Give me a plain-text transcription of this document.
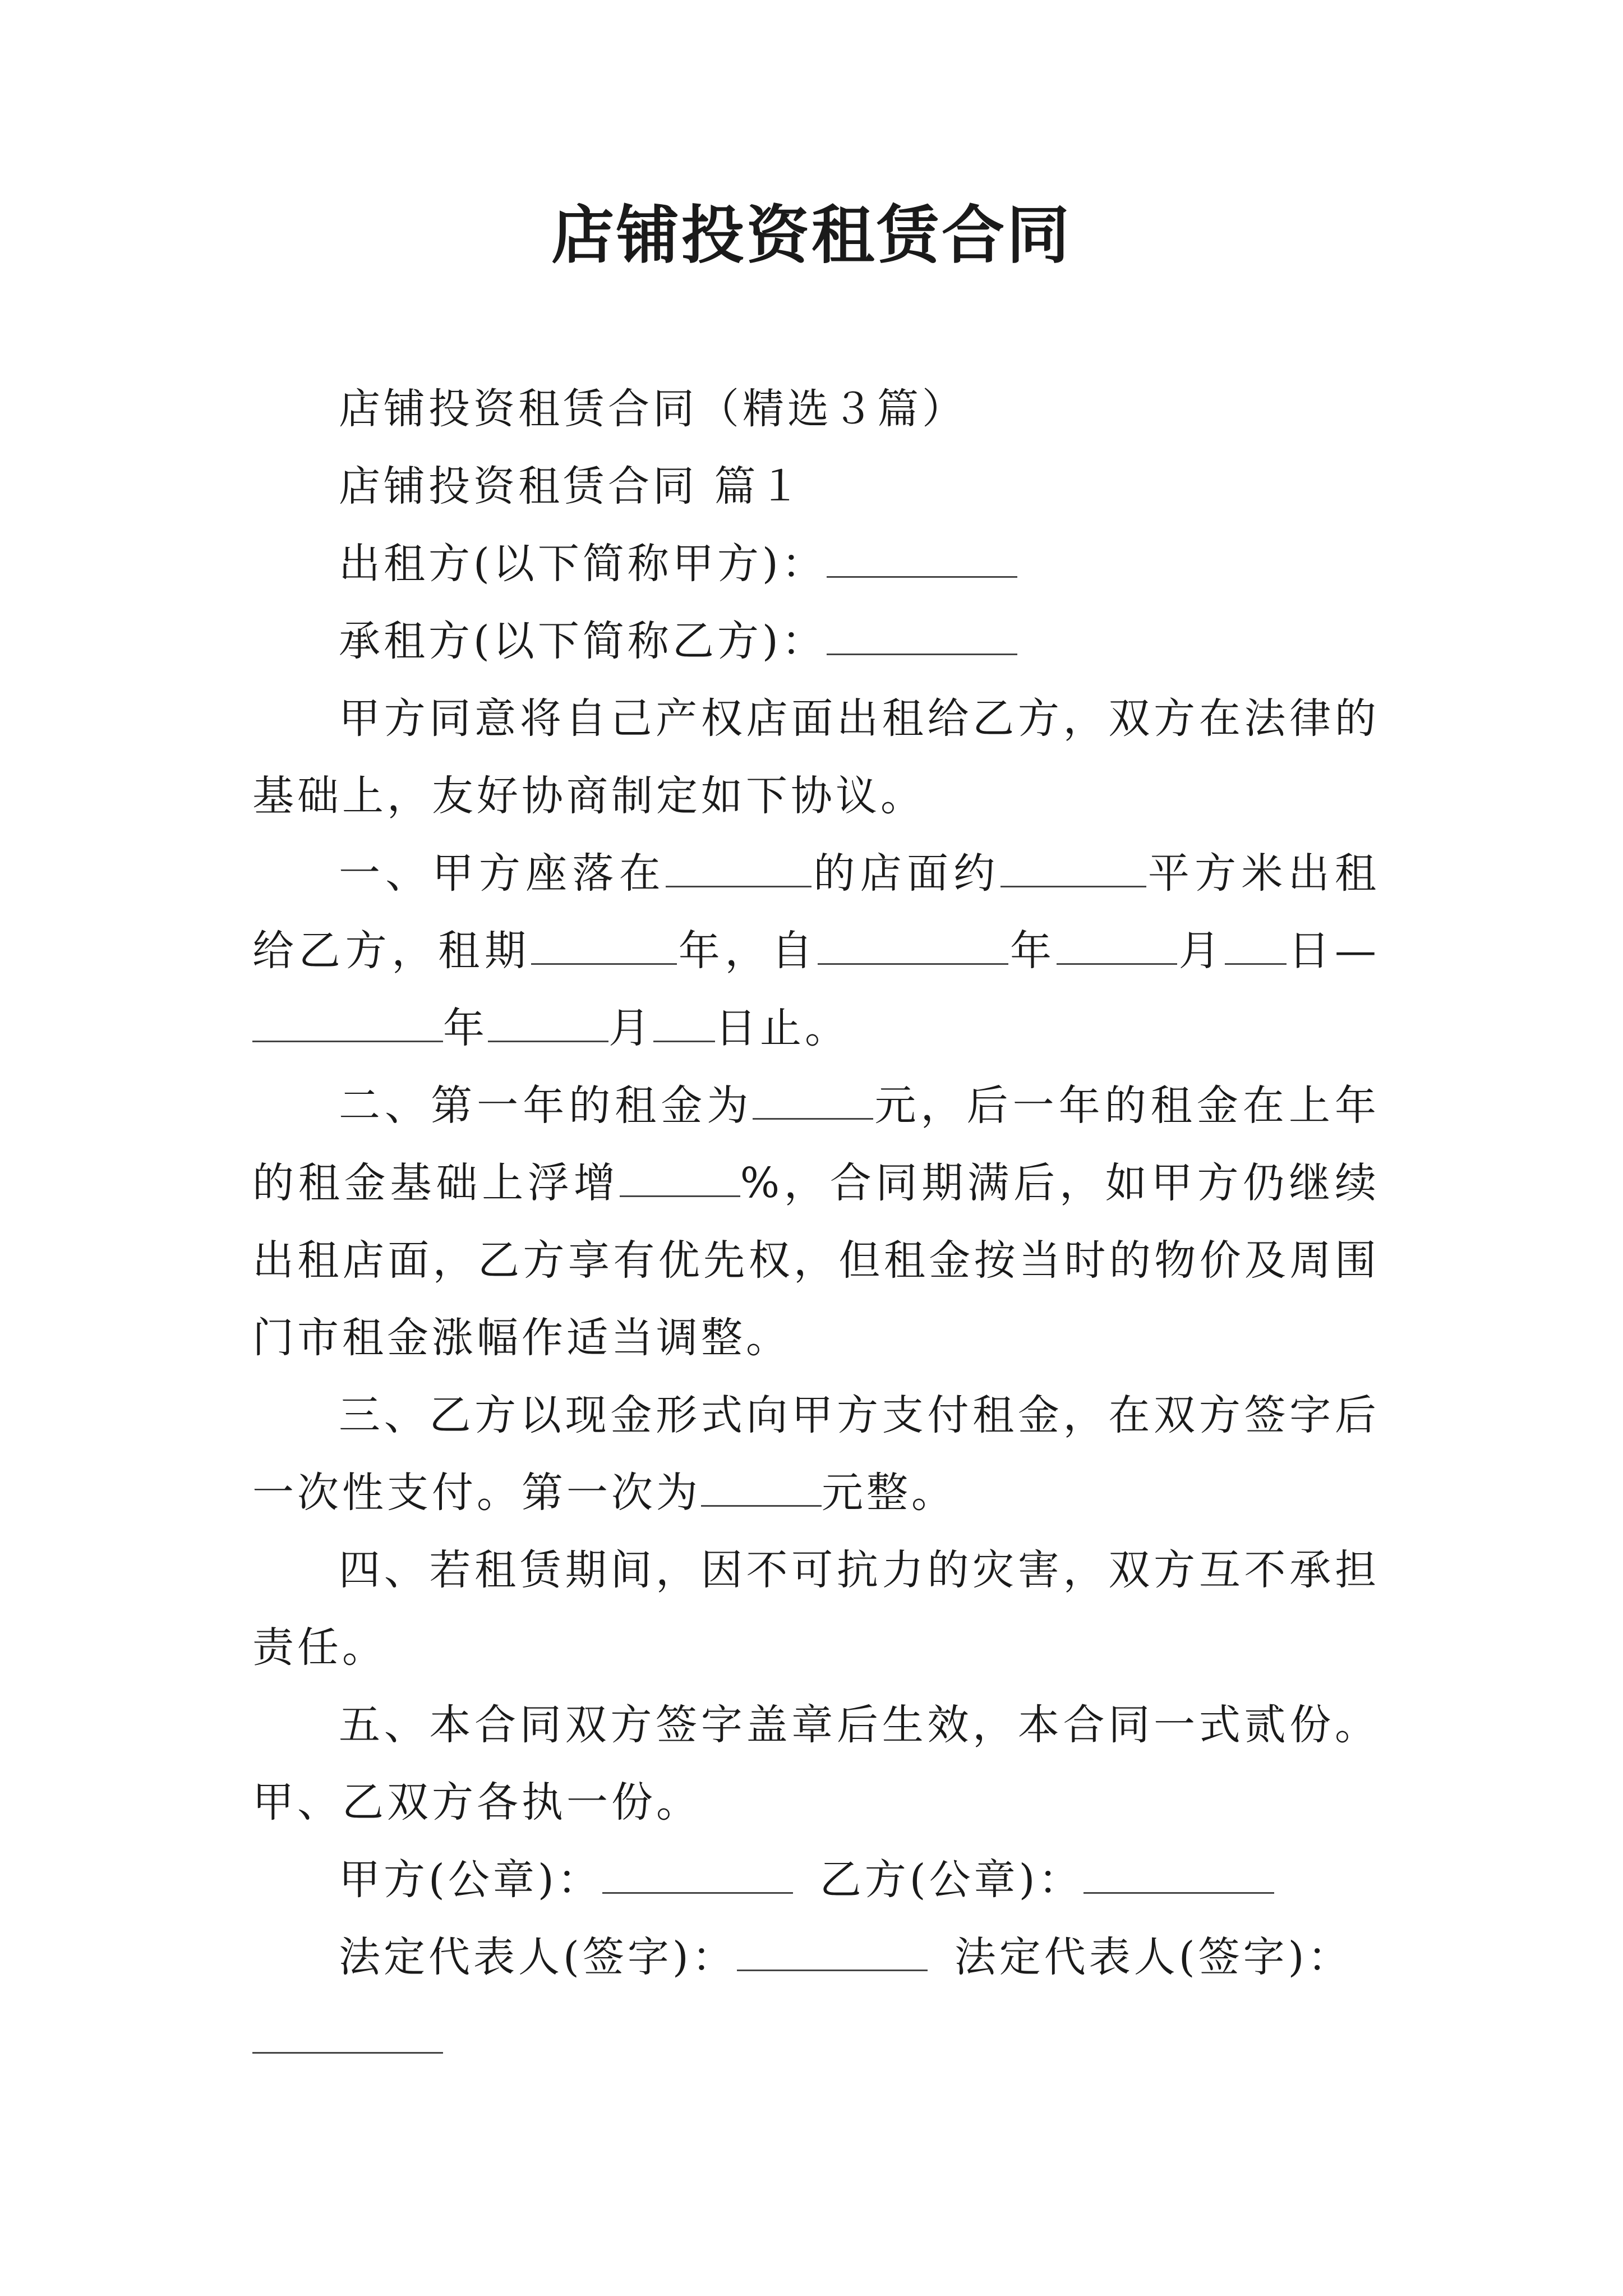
店铺投资租赁合同

店铺投资租赁合同（精选３篇）

店铺投资租赁合同 篇１

出租方(以下简称甲方)：

承租方(以下简称乙方)：

甲方同意将自己产权店面出租给乙方，双方在法律的基础上，友好协商制定如下协议。

一、甲方座落在	的店面约	平方米出租给乙方，租期	年，自	年	月 日—年	月 日止。

二、第一年的租金为	元，后一年的租金在上年的租金基础上浮增	%，合同期满后，如甲方仍继续出租店面，乙方享有优先权，但租金按当时的物价及周围门市租金涨幅作适当调整。

三、乙方以现金形式向甲方支付租金，在双方签字后一次性支付。第一次为	元整。

四、若租赁期间，因不可抗力的灾害，双方互不承担责任。

五、本合同双方签字盖章后生效，本合同一式贰份。甲、乙双方各执一份。

甲方(公章)：	乙方(公章)：

法定代表人(签字)：	法定代表人(签字)：
